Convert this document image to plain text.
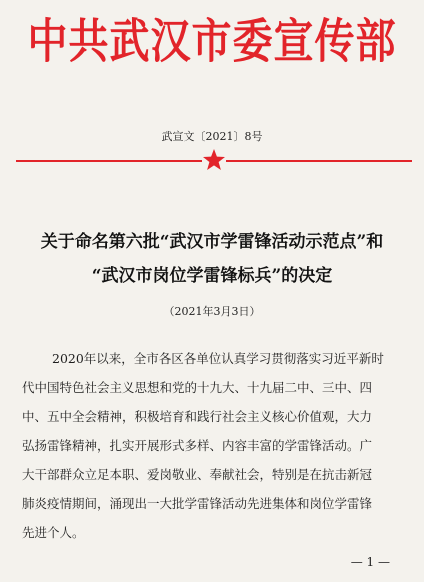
中共武汉市委宣传部
武宣文〔2021〕8号
关于命名第六批“武汉市学雷锋活动示范点”和
“武汉市岗位学雷锋标兵”的决定
（2021年3月3日）
2020年以来，全市各区各单位认真学习贯彻落实习近平新时
代中国特色社会主义思想和党的十九大、十九届二中、三中、四
中、五中全会精神，积极培育和践行社会主义核心价值观，大力
弘扬雷锋精神，扎实开展形式多样、内容丰富的学雷锋活动。广
大干部群众立足本职、爱岗敬业、奉献社会，特别是在抗击新冠
肺炎疫情期间，涌现出一大批学雷锋活动先进集体和岗位学雷锋
先进个人。
— 1 —
